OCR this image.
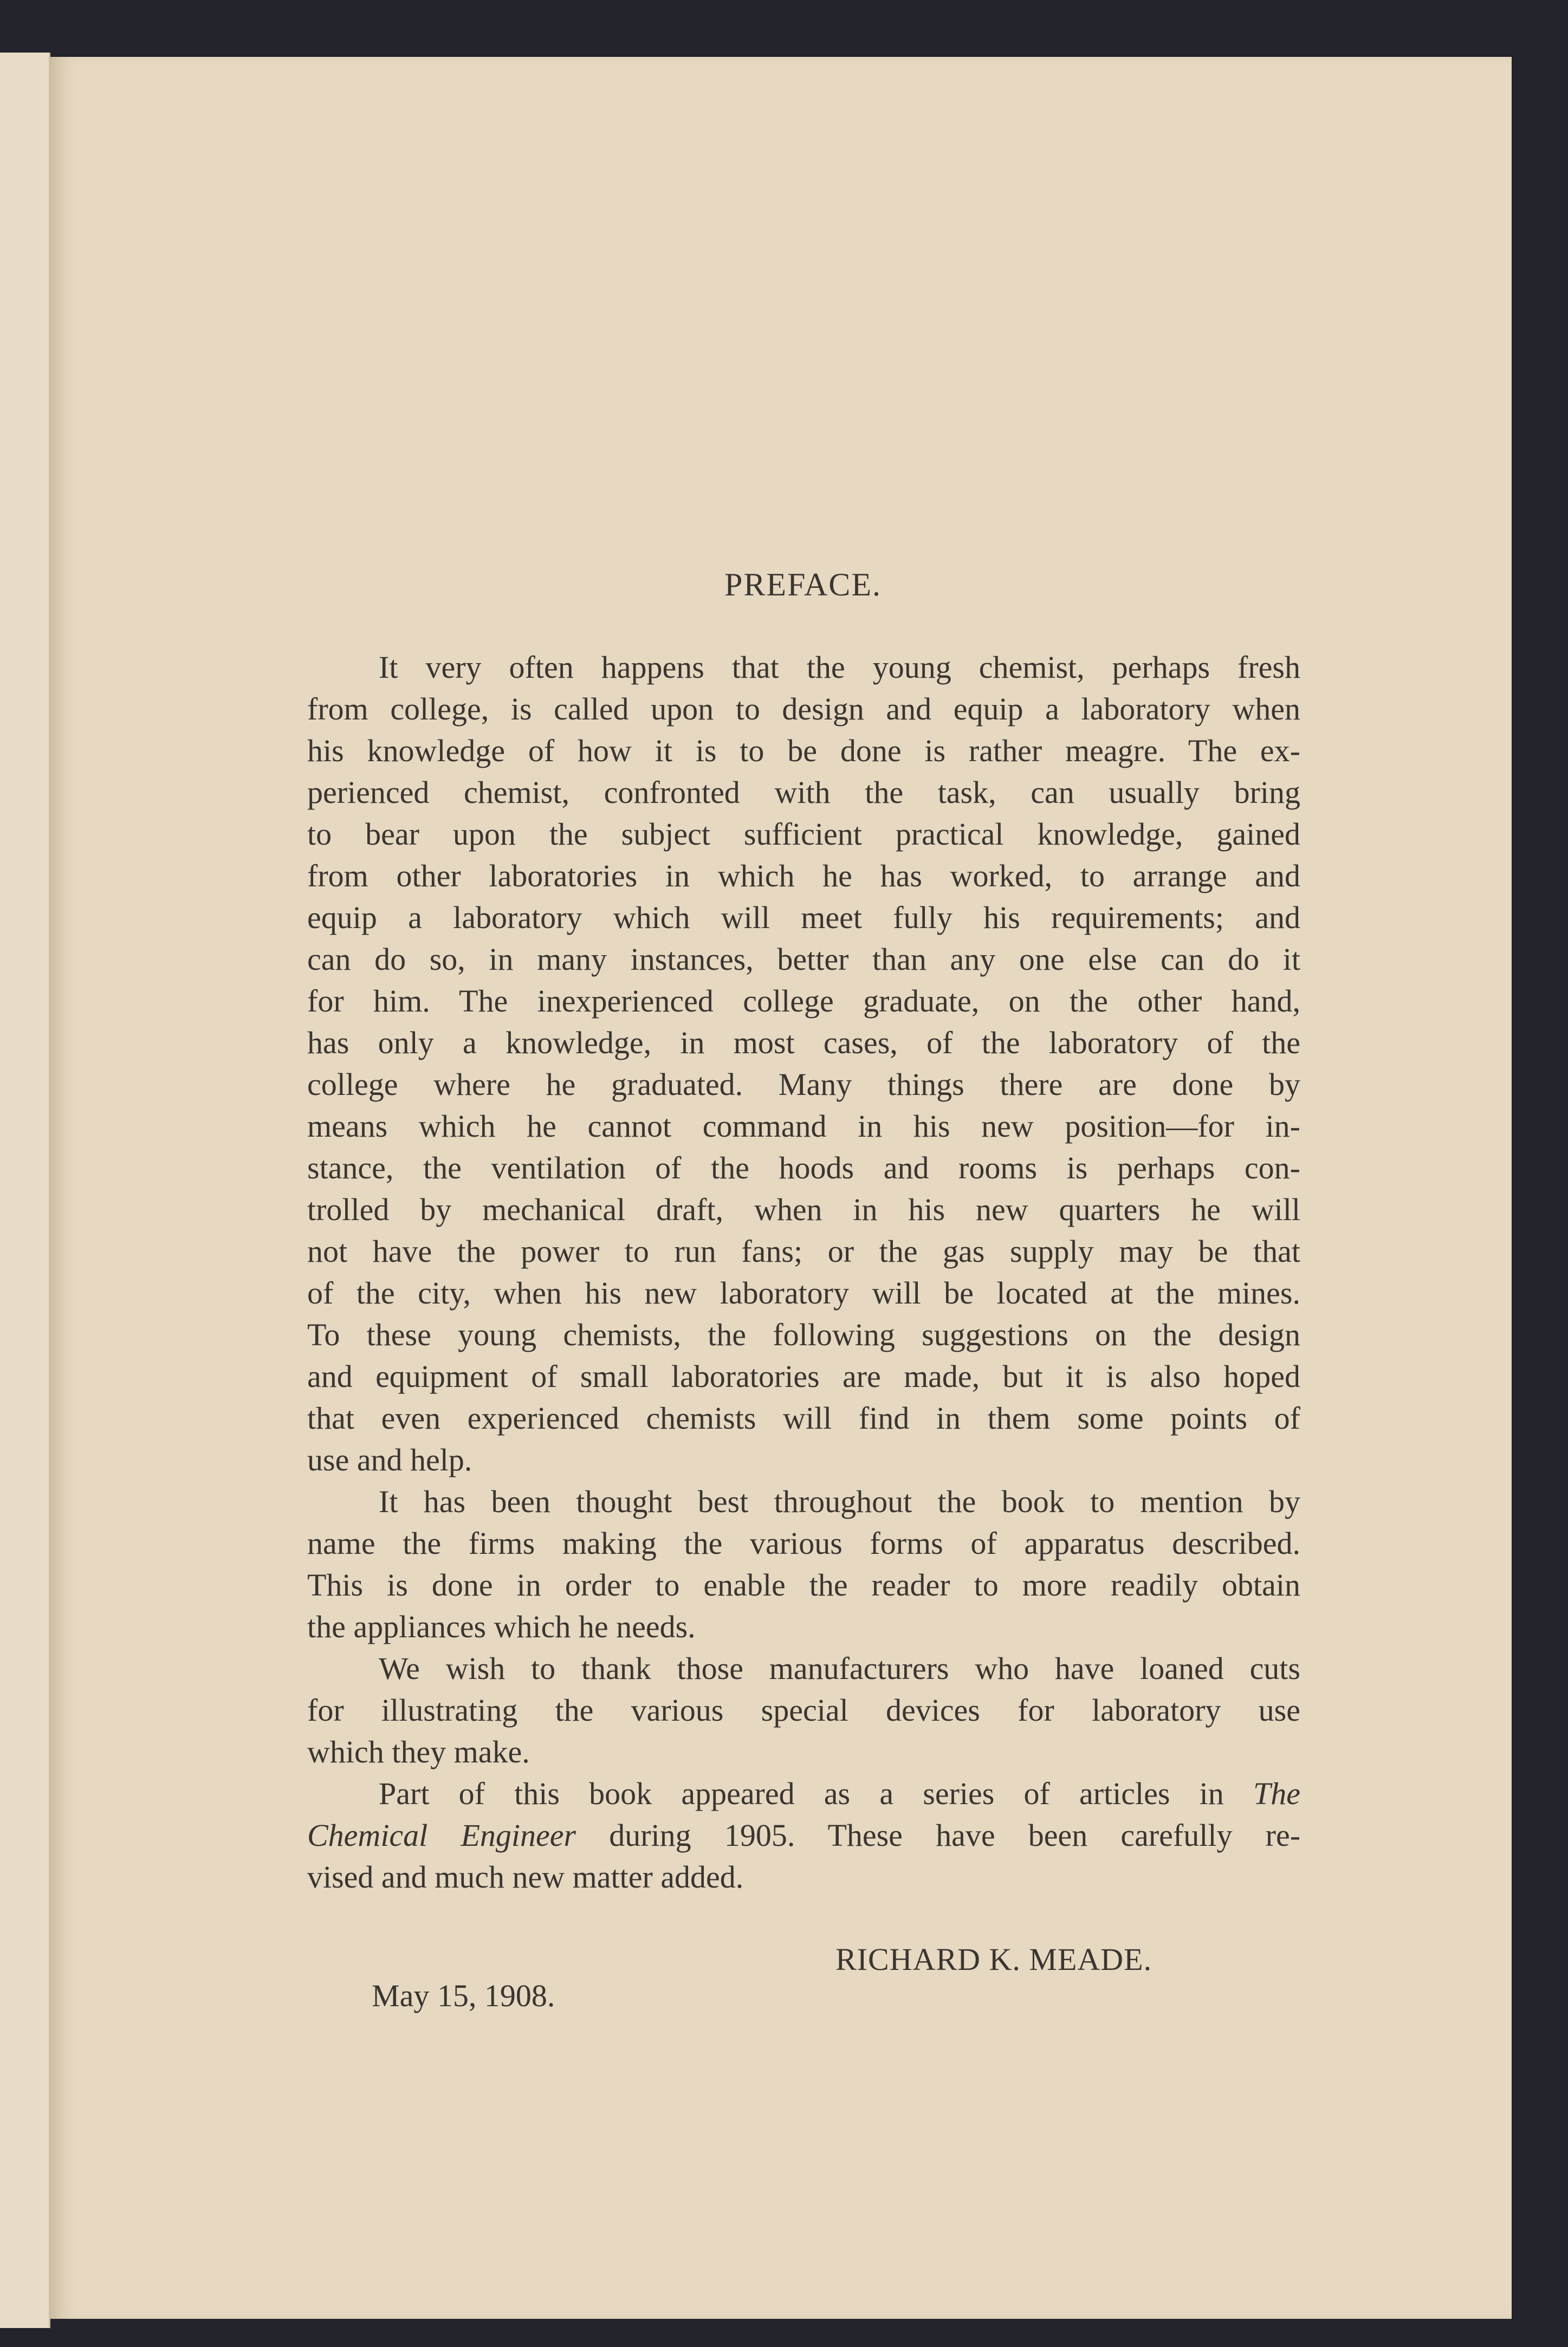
PREFACE.
It very often happens that the young chemist, perhaps fresh
from college, is called upon to design and equip a laboratory when
his knowledge of how it is to be done is rather meagre. The ex-
perienced chemist, confronted with the task, can usually bring
to bear upon the subject sufficient practical knowledge, gained
from other laboratories in which he has worked, to arrange and
equip a laboratory which will meet fully his requirements; and
can do so, in many instances, better than any one else can do it
for him. The inexperienced college graduate, on the other hand,
has only a knowledge, in most cases, of the laboratory of the
college where he graduated. Many things there are done by
means which he cannot command in his new position—for in-
stance, the ventilation of the hoods and rooms is perhaps con-
trolled by mechanical draft, when in his new quarters he will
not have the power to run fans; or the gas supply may be that
of the city, when his new laboratory will be located at the mines.
To these young chemists, the following suggestions on the design
and equipment of small laboratories are made, but it is also hoped
that even experienced chemists will find in them some points of
use and help.
It has been thought best throughout the book to mention by
name the firms making the various forms of apparatus described.
This is done in order to enable the reader to more readily obtain
the appliances which he needs.
We wish to thank those manufacturers who have loaned cuts
for illustrating the various special devices for laboratory use
which they make.
Part of this book appeared as a series of articles in The
Chemical Engineer during 1905. These have been carefully re-
vised and much new matter added.
RICHARD K. MEADE.
May 15, 1908.
